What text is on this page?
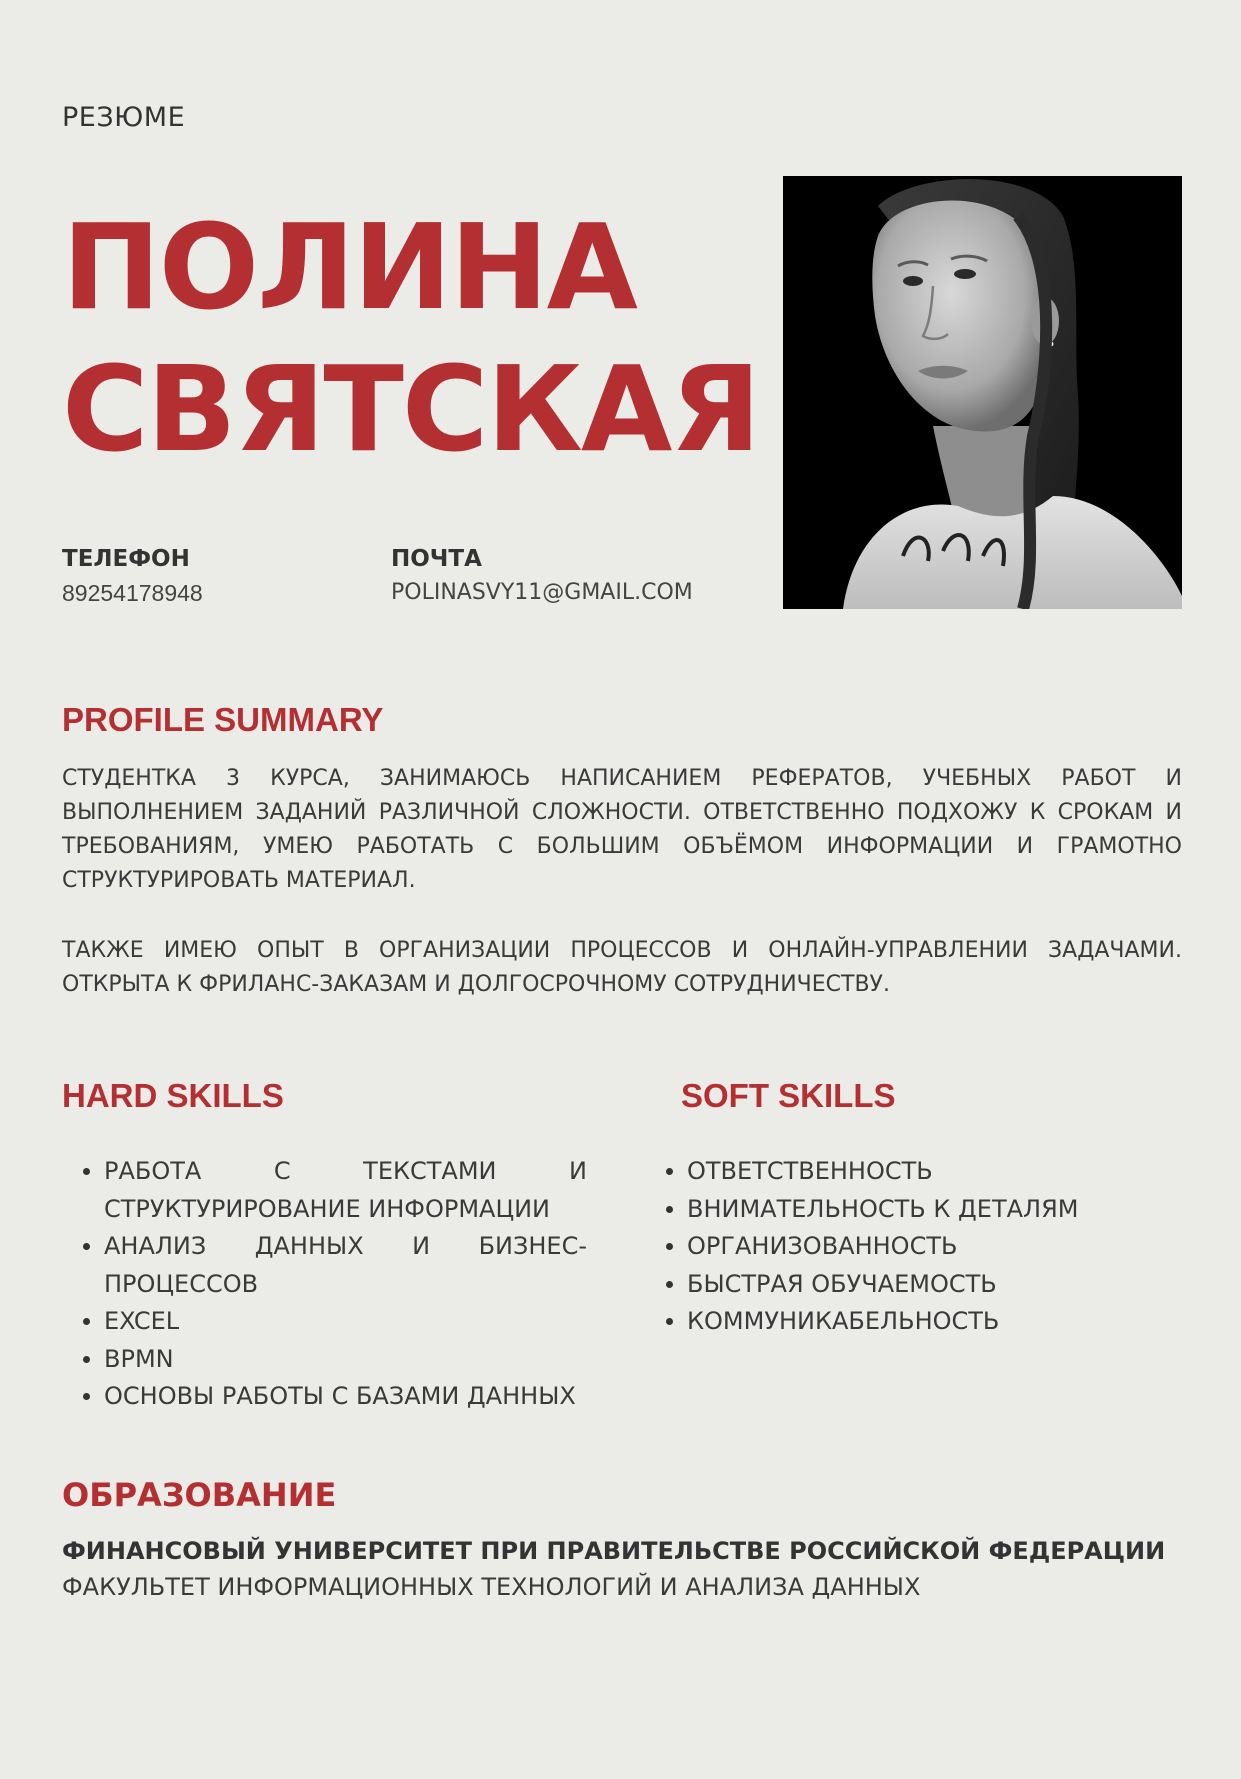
РЕЗЮМЕ
ПОЛИНА
СВЯТСКАЯ
ТЕЛЕФОН
89254178948
ПОЧТА
POLINASVY11@GMAIL.COM
PROFILE SUMMARY
СТУДЕНТКА 3 КУРСА, ЗАНИМАЮСЬ НАПИСАНИЕМ РЕФЕРАТОВ, УЧЕБНЫХ РАБОТ И ВЫПОЛНЕНИЕМ ЗАДАНИЙ РАЗЛИЧНОЙ СЛОЖНОСТИ. ОТВЕТСТВЕННО ПОДХОЖУ К СРОКАМ И ТРЕБОВАНИЯМ, УМЕЮ РАБОТАТЬ С БОЛЬШИМ ОБЪЁМОМ ИНФОРМАЦИИ И ГРАМОТНО СТРУКТУРИРОВАТЬ МАТЕРИАЛ.
ТАКЖЕ ИМЕЮ ОПЫТ В ОРГАНИЗАЦИИ ПРОЦЕССОВ И ОНЛАЙН-УПРАВЛЕНИИ ЗАДАЧАМИ. ОТКРЫТА К ФРИЛАНС-ЗАКАЗАМ И ДОЛГОСРОЧНОМУ СОТРУДНИЧЕСТВУ.
HARD SKILLS
РАБОТА С ТЕКСТАМИ И СТРУКТУРИРОВАНИЕ ИНФОРМАЦИИ
АНАЛИЗ ДАННЫХ И БИЗНЕС-ПРОЦЕССОВ
EXCEL
BPMN
ОСНОВЫ РАБОТЫ С БАЗАМИ ДАННЫХ
SOFT SKILLS
ОТВЕТСТВЕННОСТЬ
ВНИМАТЕЛЬНОСТЬ К ДЕТАЛЯМ
ОРГАНИЗОВАННОСТЬ
БЫСТРАЯ ОБУЧАЕМОСТЬ
КОММУНИКАБЕЛЬНОСТЬ
ОБРАЗОВАНИЕ
ФИНАНСОВЫЙ УНИВЕРСИТЕТ ПРИ ПРАВИТЕЛЬСТВЕ РОССИЙСКОЙ ФЕДЕРАЦИИ
ФАКУЛЬТЕТ ИНФОРМАЦИОННЫХ ТЕХНОЛОГИЙ И АНАЛИЗА ДАННЫХ
